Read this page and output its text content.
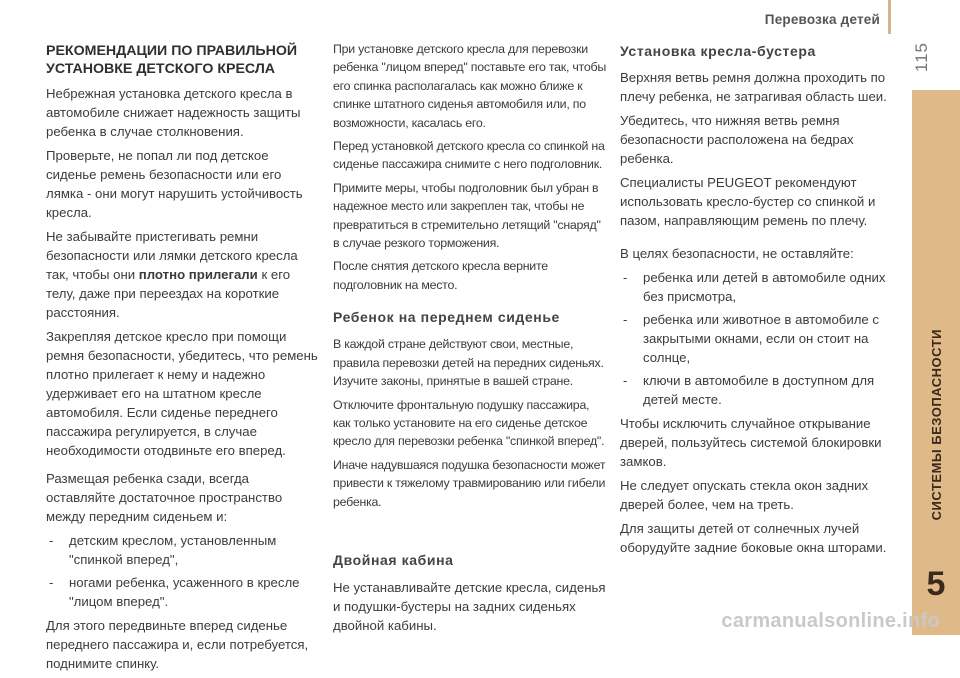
Перевозка детей
115
СИСТЕМЫ БЕЗОПАСНОСТИ
5
РЕКОМЕНДАЦИИ ПО ПРАВИЛЬНОЙ
УСТАНОВКЕ ДЕТСКОГО КРЕСЛА

Небрежная установка детского кресла в автомобиле снижает надежность защиты ребенка в случае столкновения.

Проверьте, не попал ли под детское сиденье ремень безопасности или его лямка - они могут нарушить устойчивость кресла.

Не забывайте пристегивать ремни безопасности или лямки детского кресла так, чтобы они плотно прилегали к его телу, даже при переездах на короткие расстояния.

Закрепляя детское кресло при помощи ремня безопасности, убедитесь, что ремень плотно прилегает к нему и надежно удерживает его на штатном кресле автомобиля. Если сиденье переднего пассажира регулируется, в случае необходимости отодвиньте его вперед.

Размещая ребенка сзади, всегда оставляйте достаточное пространство между передним сиденьем и:

- детским креслом, установленным "спинкой вперед",
- ногами ребенка, усаженного в кресле "лицом вперед".

Для этого передвиньте вперед сиденье переднего пассажира и, если потребуется, поднимите спинку.

При установке детского кресла для перевозки ребенка "лицом вперед" поставьте его так, чтобы его спинка располагалась как можно ближе к спинке штатного сиденья автомобиля или, по возможности, касалась его.

Перед установкой детского кресла со спинкой на сиденье пассажира снимите с него подголовник.

Примите меры, чтобы подголовник был убран в надежное место или закреплен так, чтобы не превратиться в стремительно летящий "снаряд" в случае резкого торможения.

После снятия детского кресла верните подголовник на место.

Ребенок на переднем сиденье

В каждой стране действуют свои, местные, правила перевозки детей на передних сиденьях. Изучите законы, принятые в вашей стране.

Отключите фронтальную подушку пассажира, как только установите на его сиденье детское кресло для перевозки ребенка "спинкой вперед".

Иначе надувшаяся подушка безопасности может привести к тяжелому травмированию или гибели ребенка.

Двойная кабина

Не устанавливайте детские кресла, сиденья и подушки-бустеры на задних сиденьях двойной кабины.

Установка кресла-бустера

Верхняя ветвь ремня должна проходить по плечу ребенка, не затрагивая область шеи.

Убедитесь, что нижняя ветвь ремня безопасности расположена на бедрах ребенка.

Специалисты PEUGEOT рекомендуют использовать кресло-бустер со спинкой и пазом, направляющим ремень по плечу.

В целях безопасности, не оставляйте:

- ребенка или детей в автомобиле одних без присмотра,
- ребенка или животное в автомобиле с закрытыми окнами, если он стоит на солнце,
- ключи в автомобиле в доступном для детей месте.

Чтобы исключить случайное открывание дверей, пользуйтесь системой блокировки замков.

Не следует опускать стекла окон задних дверей более, чем на треть.

Для защиты детей от солнечных лучей оборудуйте задние боковые окна шторами.

carmanualsonline.info
